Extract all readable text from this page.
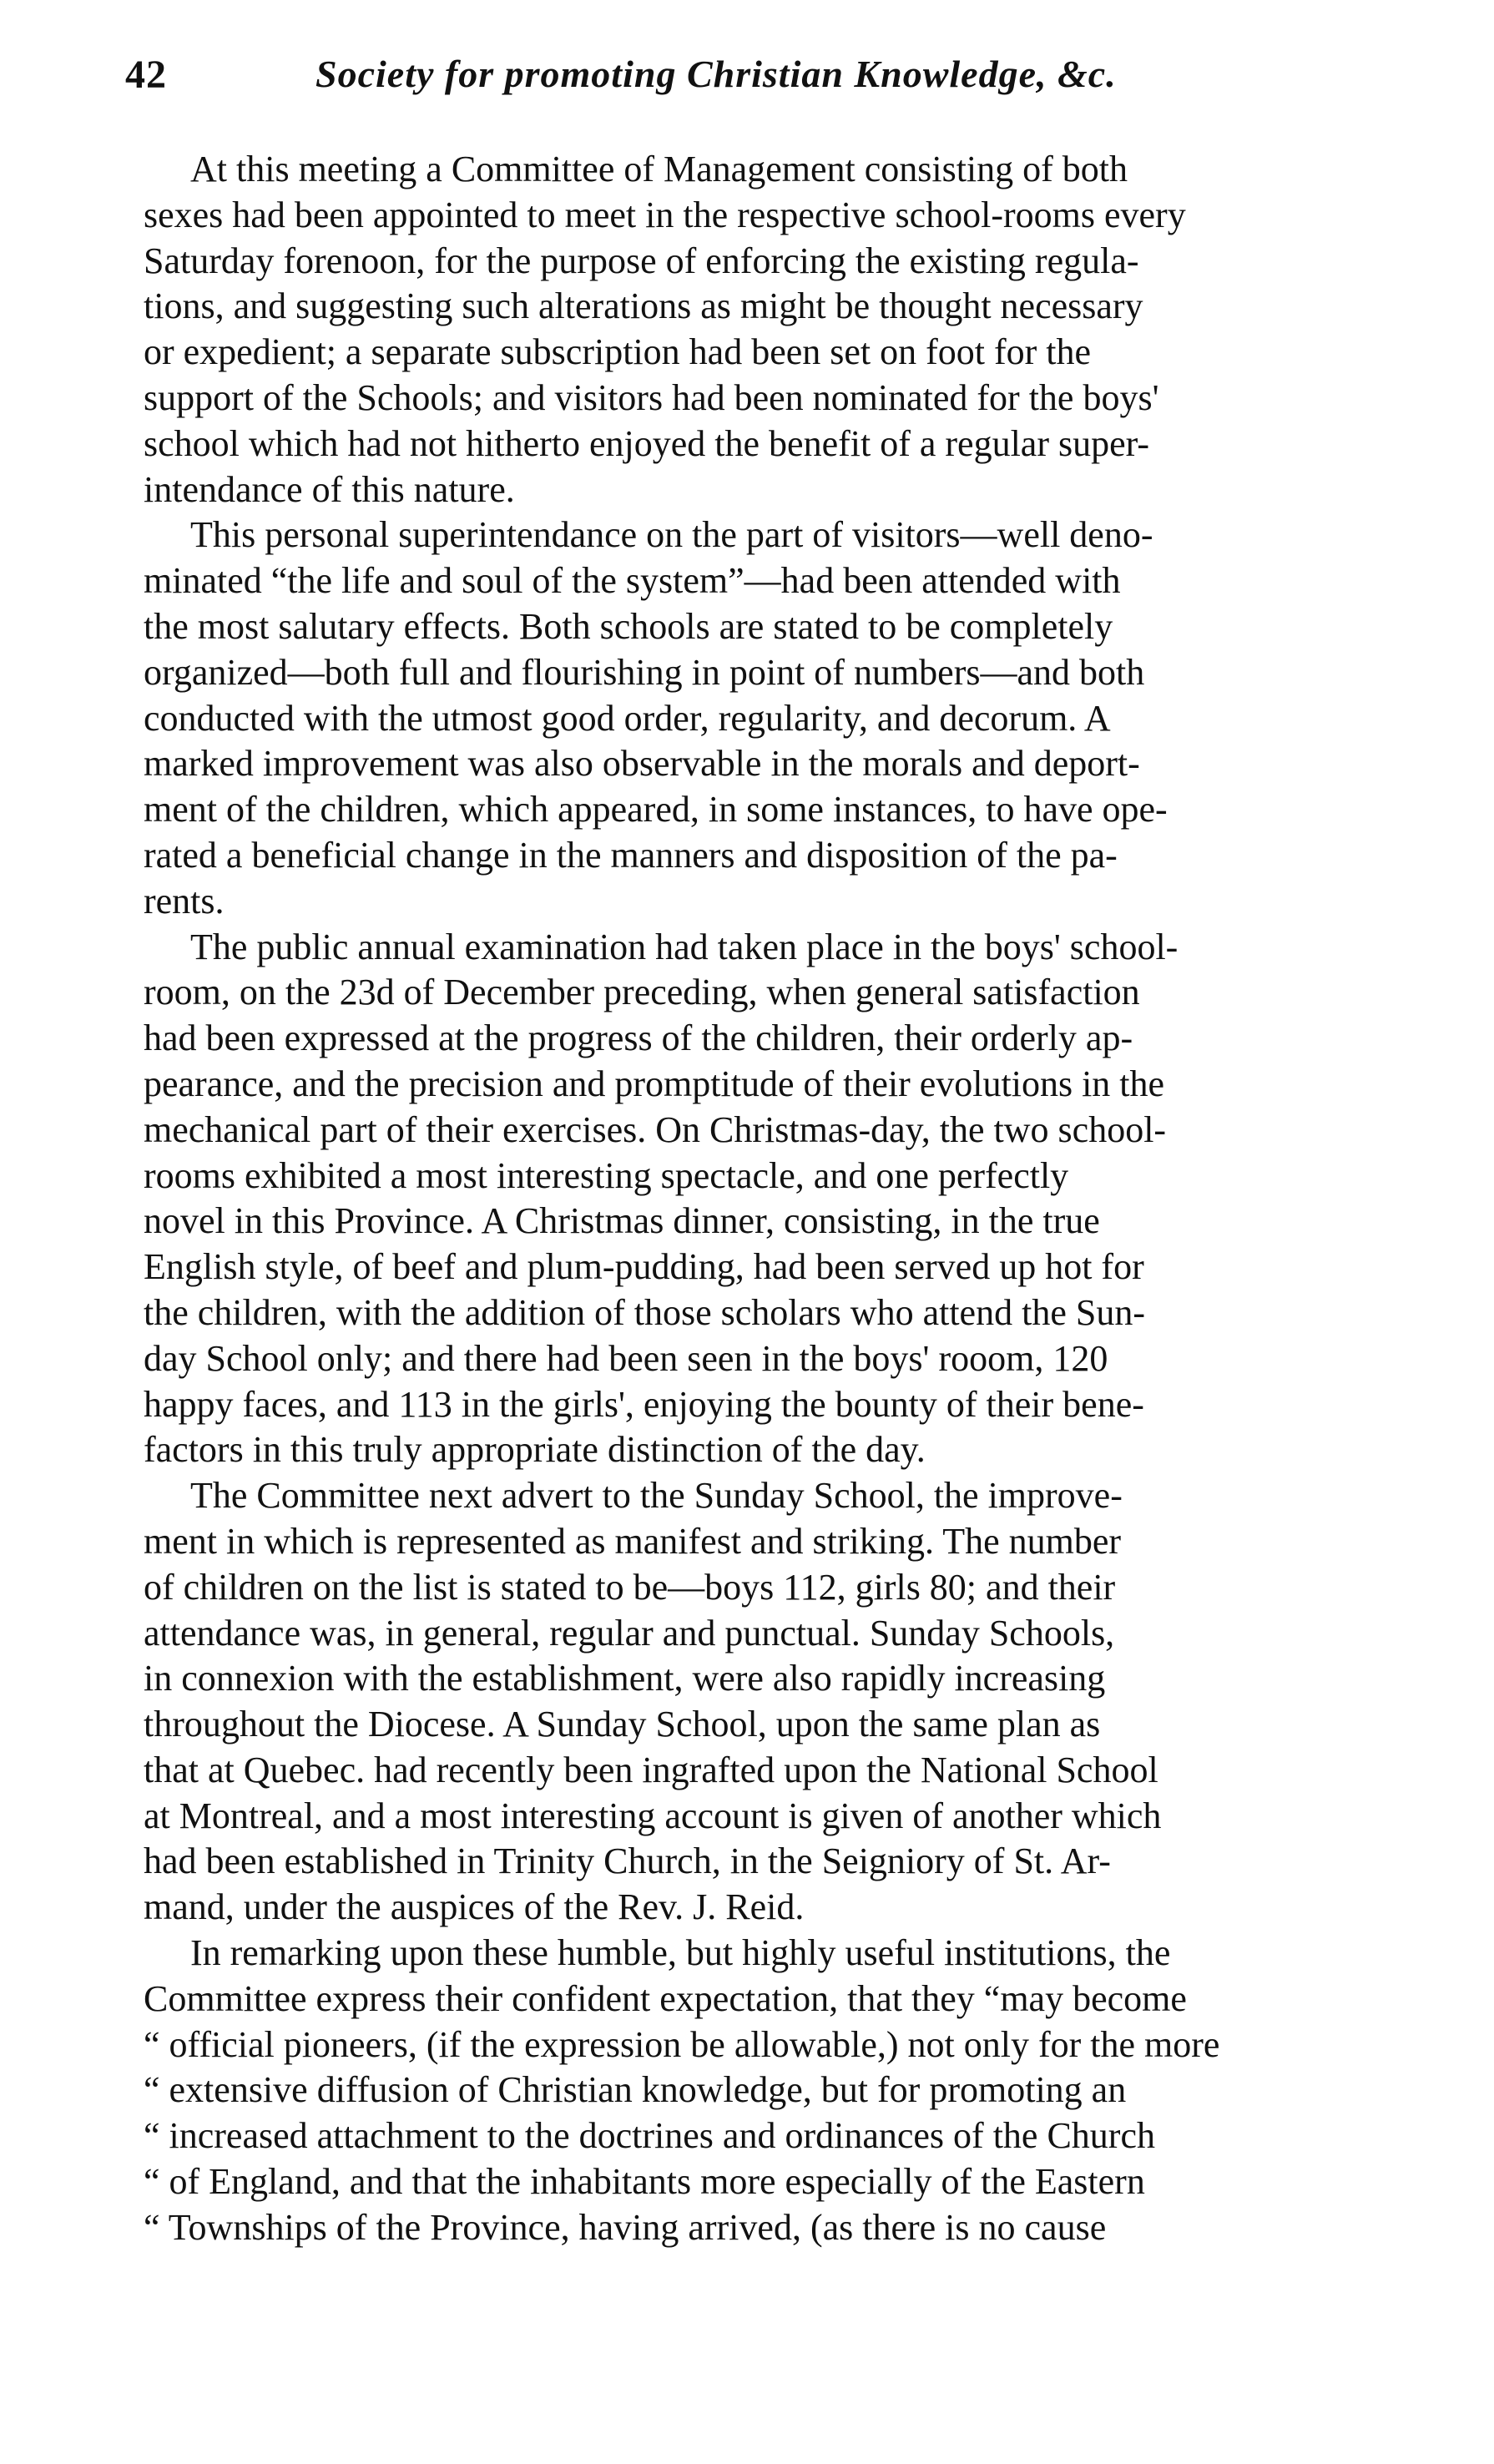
42	Society for promoting Christian Knowledge, &c.

At this meeting a Committee of Management consisting of both
sexes had been appointed to meet in the respective school-rooms every
Saturday forenoon, for the purpose of enforcing the existing regula-
tions, and suggesting such alterations as might be thought necessary
or expedient; a separate subscription had been set on foot for the
support of the Schools; and visitors had been nominated for the boys'
school which had not hitherto enjoyed the benefit of a regular super-
intendance of this nature.

This personal superintendance on the part of visitors—well deno-
minated “the life and soul of the system”—had been attended with
the most salutary effects. Both schools are stated to be completely
organized—both full and flourishing in point of numbers—and both
conducted with the utmost good order, regularity, and decorum. A
marked improvement was also observable in the morals and deport-
ment of the children, which appeared, in some instances, to have ope-
rated a beneficial change in the manners and disposition of the pa-
rents.

The public annual examination had taken place in the boys' school-
room, on the 23d of December preceding, when general satisfaction
had been expressed at the progress of the children, their orderly ap-
pearance, and the precision and promptitude of their evolutions in the
mechanical part of their exercises. On Christmas-day, the two school-
rooms exhibited a most interesting spectacle, and one perfectly
novel in this Province. A Christmas dinner, consisting, in the true
English style, of beef and plum-pudding, had been served up hot for
the children, with the addition of those scholars who attend the Sun-
day School only; and there had been seen in the boys' rooom, 120
happy faces, and 113 in the girls', enjoying the bounty of their bene-
factors in this truly appropriate distinction of the day.

The Committee next advert to the Sunday School, the improve-
ment in which is represented as manifest and striking. The number
of children on the list is stated to be—boys 112, girls 80; and their
attendance was, in general, regular and punctual. Sunday Schools,
in connexion with the establishment, were also rapidly increasing
throughout the Diocese. A Sunday School, upon the same plan as
that at Quebec. had recently been ingrafted upon the National School
at Montreal, and a most interesting account is given of another which
had been established in Trinity Church, in the Seigniory of St. Ar-
mand, under the auspices of the Rev. J. Reid.

In remarking upon these humble, but highly useful institutions, the
Committee express their confident expectation, that they “may become
“ official pioneers, (if the expression be allowable,) not only for the more
“ extensive diffusion of Christian knowledge, but for promoting an
“ increased attachment to the doctrines and ordinances of the Church
“ of England, and that the inhabitants more especially of the Eastern
“ Townships of the Province, having arrived, (as there is no cause
